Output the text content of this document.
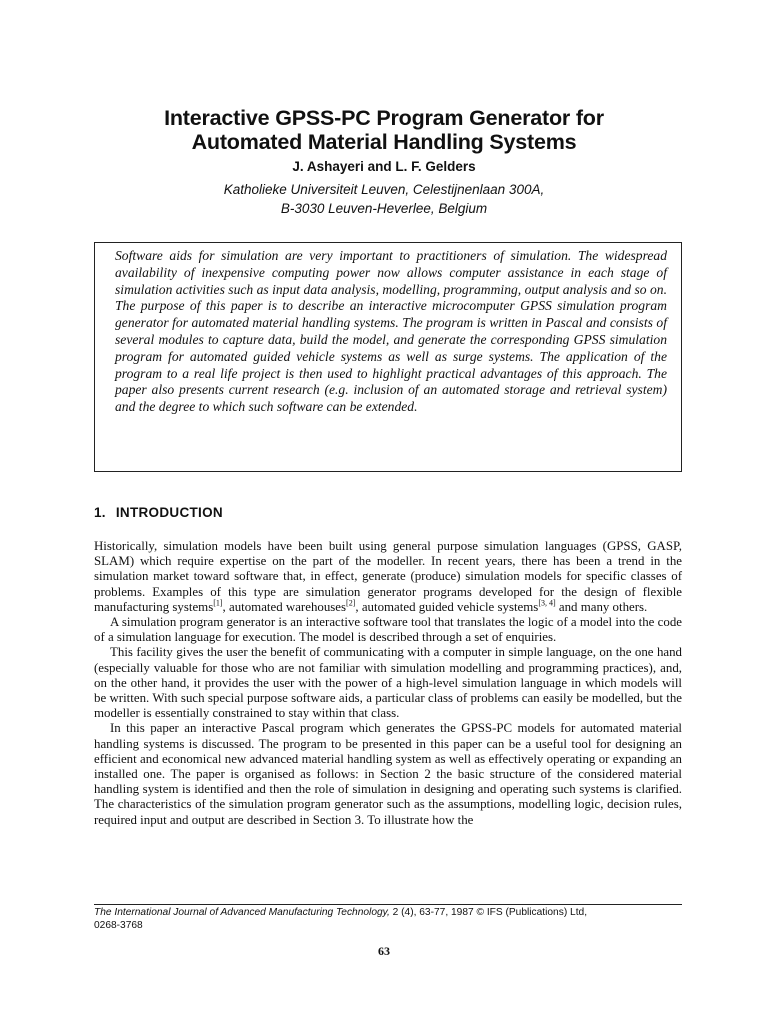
Interactive GPSS-PC Program Generator for
Automated Material Handling Systems
J. Ashayeri and L. F. Gelders
Katholieke Universiteit Leuven, Celestijnenlaan 300A,
B-3030 Leuven-Heverlee, Belgium
Software aids for simulation are very important to practitioners of simulation. The widespread availability of inexpensive computing power now allows computer assistance in each stage of simulation activities such as input data analysis, modelling, programming, output analysis and so on. The purpose of this paper is to describe an interactive microcomputer GPSS simulation program generator for automated material handling systems. The program is written in Pascal and consists of several modules to capture data, build the model, and generate the corresponding GPSS simulation program for automated guided vehicle systems as well as surge systems. The application of the program to a real life project is then used to highlight practical advantages of this approach. The paper also presents current research (e.g. inclusion of an automated storage and retrieval system) and the degree to which such software can be extended.
1. INTRODUCTION

Historically, simulation models have been built using general purpose simulation languages (GPSS, GASP, SLAM) which require expertise on the part of the modeller. In recent years, there has been a trend in the simulation market toward software that, in effect, generate (produce) simulation models for specific classes of problems. Examples of this type are simulation generator programs developed for the design of flexible manufacturing systems[1], automated warehouses[2], automated guided vehicle systems[3, 4] and many others.

A simulation program generator is an interactive software tool that translates the logic of a model into the code of a simulation language for execution. The model is described through a set of enquiries.

This facility gives the user the benefit of communicating with a computer in simple language, on the one hand (especially valuable for those who are not familiar with simulation modelling and programming practices), and, on the other hand, it provides the user with the power of a high-level simulation language in which models will be written. With such special purpose software aids, a particular class of problems can easily be modelled, but the modeller is essentially constrained to stay within that class.

In this paper an interactive Pascal program which generates the GPSS-PC models for automated material handling systems is discussed. The program to be presented in this paper can be a useful tool for designing an efficient and economical new advanced material handling system as well as effectively operating or expanding an installed one. The paper is organised as follows: in Section 2 the basic structure of the considered material handling system is identified and then the role of simulation in designing and operating such systems is clarified. The characteristics of the simulation program generator such as the assumptions, modelling logic, decision rules, required input and output are described in Section 3. To illustrate how the

The International Journal of Advanced Manufacturing Technology, 2 (4), 63-77, 1987 © IFS (Publications) Ltd,
0268-3768
63
